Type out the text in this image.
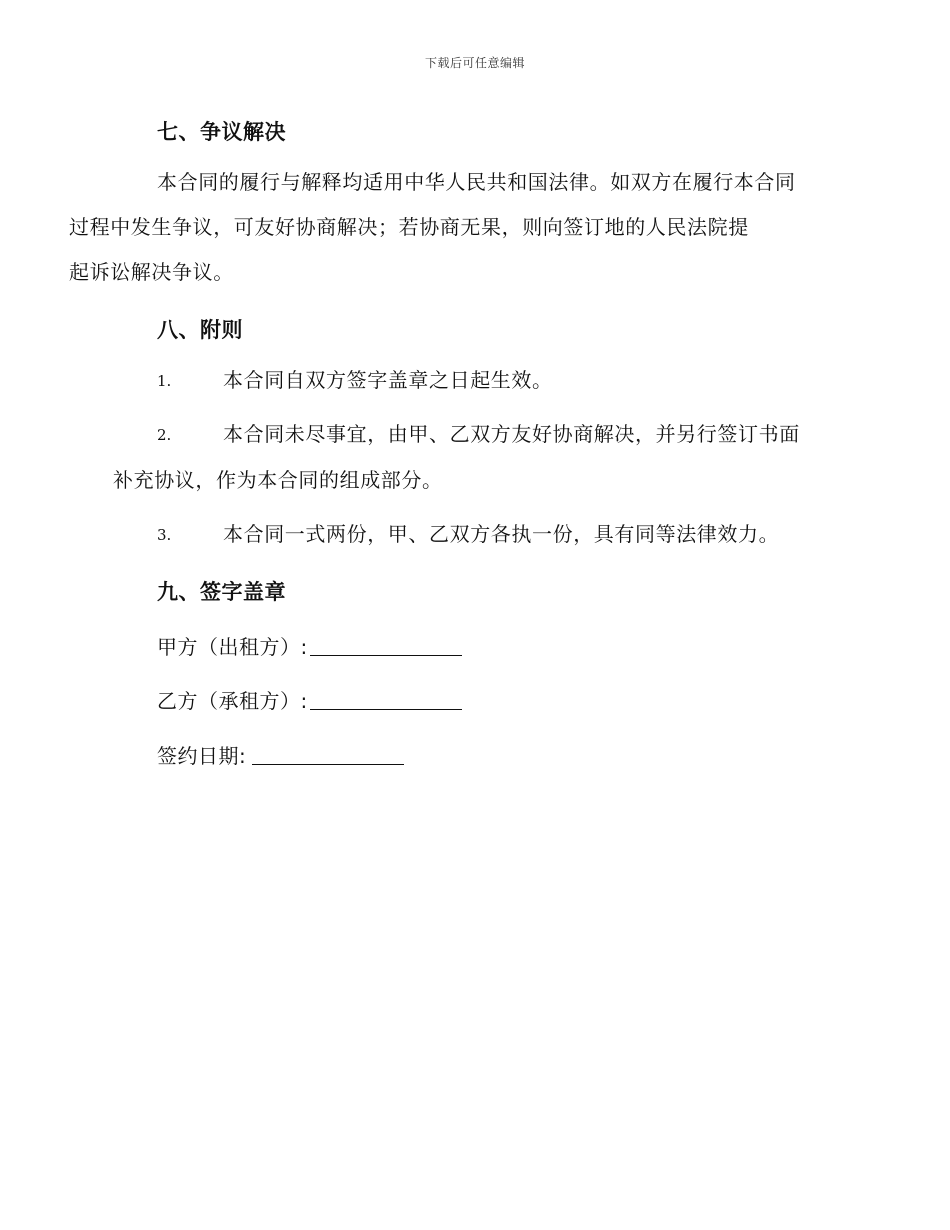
下载后可任意编辑
七、争议解决
本合同的履行与解释均适用中华人民共和国法律。如双方在履行本合同
过程中发生争议，可友好协商解决；若协商无果，则向签订地的人民法院提
起诉讼解决争议。
八、附则
1.	本合同自双方签字盖章之日起生效。
2.	本合同未尽事宜，由甲、乙双方友好协商解决，并另行签订书面
补充协议，作为本合同的组成部分。
3.	本合同一式两份，甲、乙双方各执一份，具有同等法律效力。
九、签字盖章
甲方（出租方）:
乙方（承租方）:
签约日期:
